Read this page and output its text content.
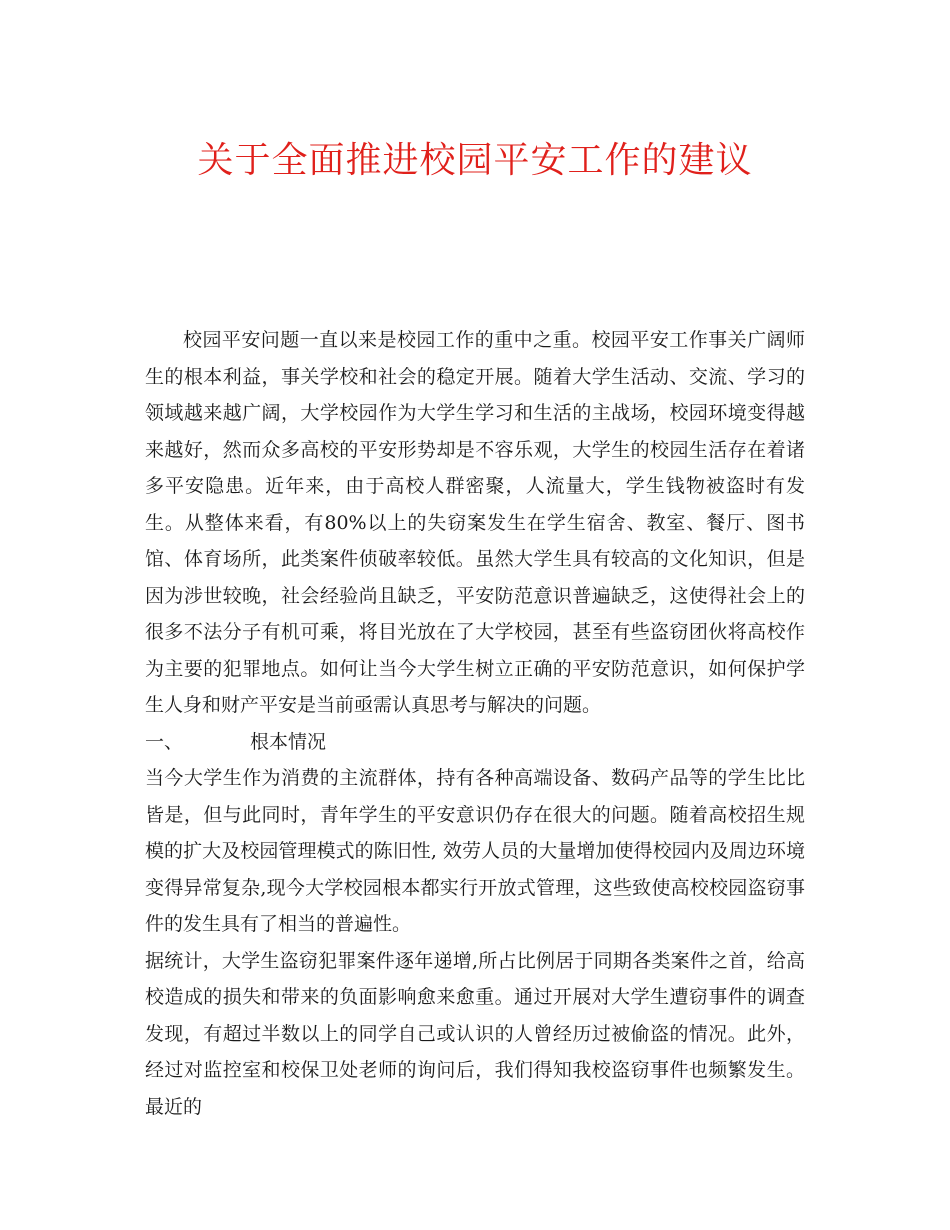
关于全面推进校园平安工作的建议

校园平安问题一直以来是校园工作的重中之重。校园平安工作事关广阔师生的根本利益，事关学校和社会的稳定开展。随着大学生活动、交流、学习的领域越来越广阔，大学校园作为大学生学习和生活的主战场，校园环境变得越来越好，然而众多高校的平安形势却是不容乐观，大学生的校园生活存在着诸多平安隐患。近年来，由于高校人群密聚，人流量大，学生钱物被盗时有发生。从整体来看，有80%以上的失窃案发生在学生宿舍、教室、餐厅、图书馆、体育场所，此类案件侦破率较低。虽然大学生具有较高的文化知识，但是因为涉世较晚，社会经验尚且缺乏，平安防范意识普遍缺乏，这使得社会上的很多不法分子有机可乘，将目光放在了大学校园，甚至有些盗窃团伙将高校作为主要的犯罪地点。如何让当今大学生树立正确的平安防范意识，如何保护学生人身和财产平安是当前亟需认真思考与解决的问题。

一、	根本情况

当今大学生作为消费的主流群体，持有各种高端设备、数码产品等的学生比比皆是，但与此同时，青年学生的平安意识仍存在很大的问题。随着高校招生规模的扩大及校园管理模式的陈旧性, 效劳人员的大量增加使得校园内及周边环境变得异常复杂,现今大学校园根本都实行开放式管理，这些致使高校校园盗窃事件的发生具有了相当的普遍性。

据统计，大学生盗窃犯罪案件逐年递增,所占比例居于同期各类案件之首，给高校造成的损失和带来的负面影响愈来愈重。通过开展对大学生遭窃事件的调查发现，有超过半数以上的同学自己或认识的人曾经历过被偷盗的情况。此外，经过对监控室和校保卫处老师的询问后，我们得知我校盗窃事件也频繁发生。最近的
